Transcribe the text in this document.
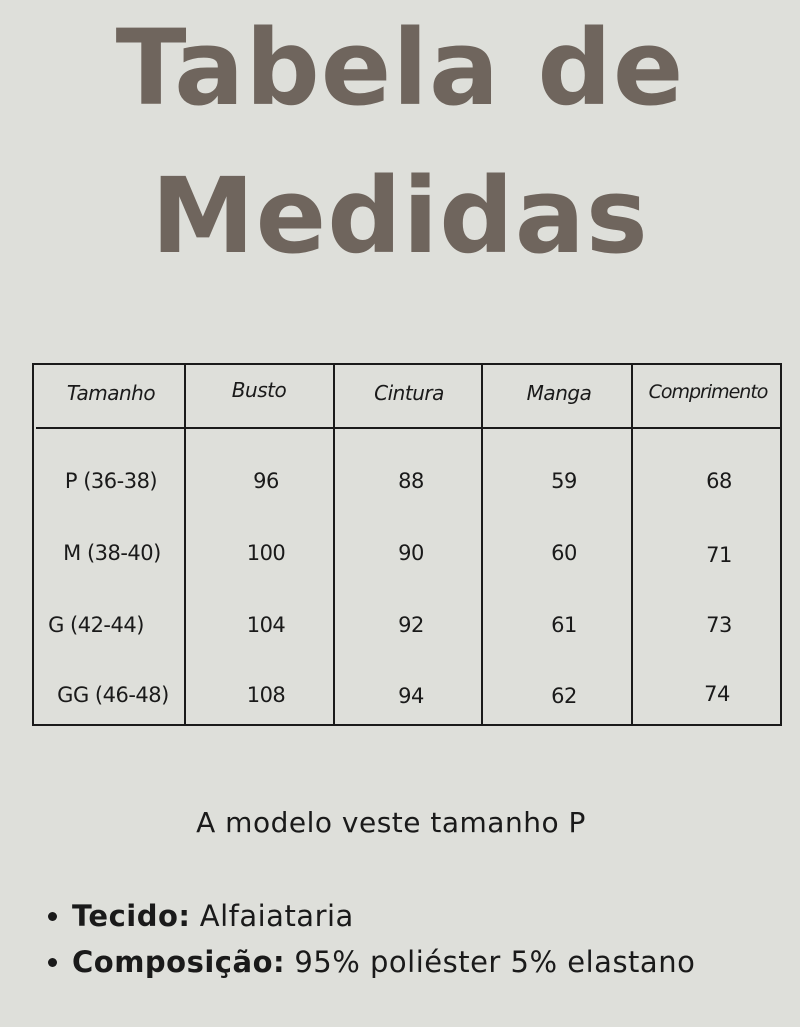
Tabela de
Medidas
Tamanho	Busto	Cintura	Manga	Comprimento
P (36-38)	96	88	59	68
M (38-40)	100	90	60	71
G (42-44)	104	92	61	73
GG (46-48)	108	94	62	74

A modelo veste tamanho P

Tecido: Alfaiataria
Composição: 95% poliéster 5% elastano
